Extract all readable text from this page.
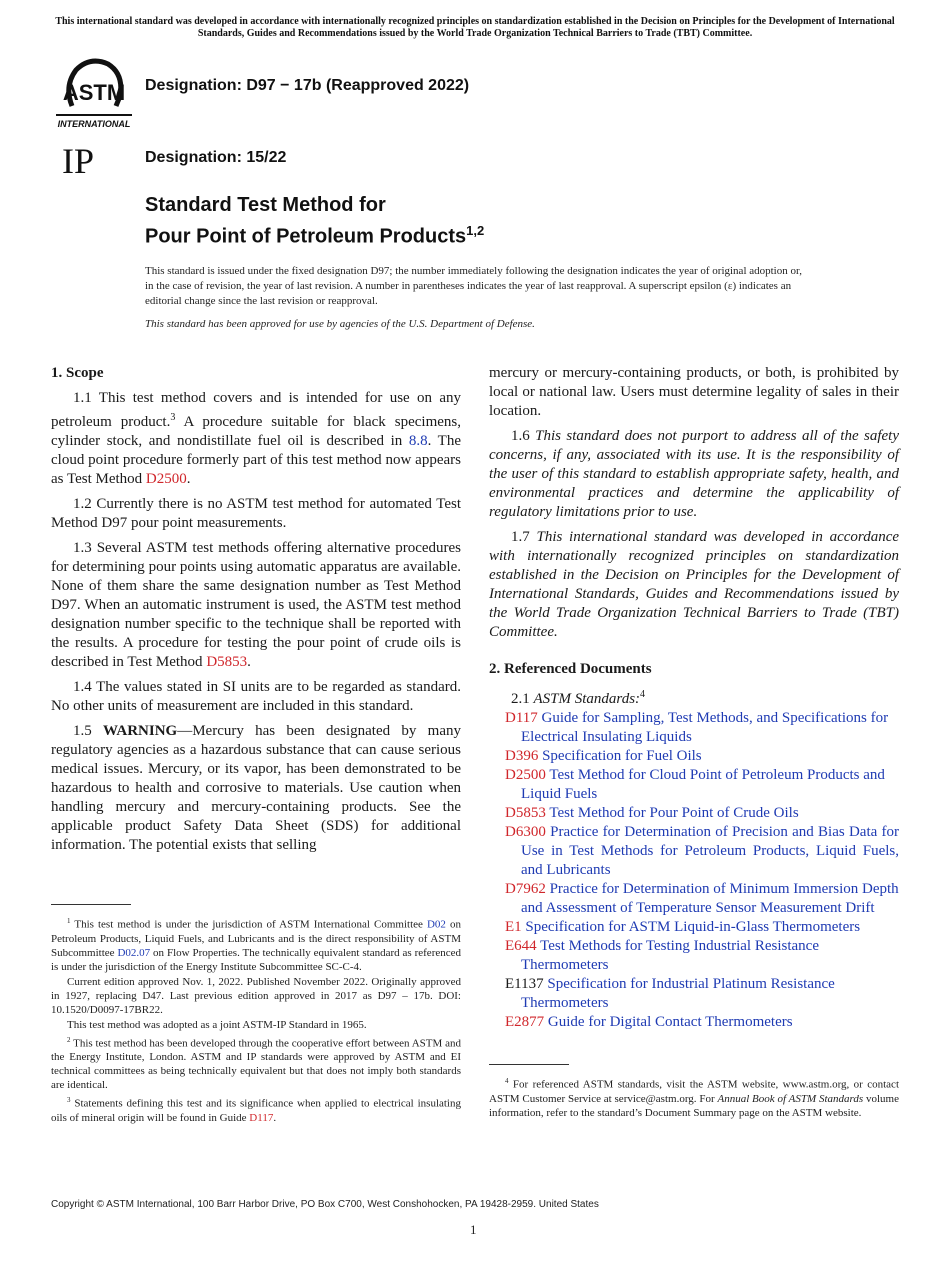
This international standard was developed in accordance with internationally recognized principles on standardization established in the Decision on Principles for the Development of International Standards, Guides and Recommendations issued by the World Trade Organization Technical Barriers to Trade (TBT) Committee.
ASTM
INTERNATIONAL
IP
Designation: D97 − 17b (Reapproved 2022)
Designation: 15/22
Standard Test Method for
Pour Point of Petroleum Products$^{1,2}$
This standard is issued under the fixed designation D97; the number immediately following the designation indicates the year of original adoption or, in the case of revision, the year of last revision. A number in parentheses indicates the year of last reapproval. A superscript epsilon (ε) indicates an editorial change since the last revision or reapproval.
This standard has been approved for use by agencies of the U.S. Department of Defense.
1. Scope

1.1 This test method covers and is intended for use on any petroleum product.$^3$ A procedure suitable for black specimens, cylinder stock, and nondistillate fuel oil is described in 8.8. The cloud point procedure formerly part of this test method now appears as Test Method D2500.

1.2 Currently there is no ASTM test method for automated Test Method D97 pour point measurements.

1.3 Several ASTM test methods offering alternative procedures for determining pour points using automatic apparatus are available. None of them share the same designation number as Test Method D97. When an automatic instrument is used, the ASTM test method designation number specific to the technique shall be reported with the results. A procedure for testing the pour point of crude oils is described in Test Method D5853.

1.4 The values stated in SI units are to be regarded as standard. No other units of measurement are included in this standard.

1.5 WARNING—Mercury has been designated by many regulatory agencies as a hazardous substance that can cause serious medical issues. Mercury, or its vapor, has been demonstrated to be hazardous to health and corrosive to materials. Use caution when handling mercury and mercury-containing products. See the applicable product Safety Data Sheet (SDS) for additional information. The potential exists that selling

$^1$ This test method is under the jurisdiction of ASTM International Committee D02 on Petroleum Products, Liquid Fuels, and Lubricants and is the direct responsibility of ASTM Subcommittee D02.07 on Flow Properties. The technically equivalent standard as referenced is under the jurisdiction of the Energy Institute Subcommittee SC-C-4.

Current edition approved Nov. 1, 2022. Published November 2022. Originally approved in 1927, replacing D47. Last previous edition approved in 2017 as D97 – 17b. DOI: 10.1520/D0097-17BR22.

This test method was adopted as a joint ASTM-IP Standard in 1965.

$^2$ This test method has been developed through the cooperative effort between ASTM and the Energy Institute, London. ASTM and IP standards were approved by ASTM and EI technical committees as being technically equivalent but that does not imply both standards are identical.

$^3$ Statements defining this test and its significance when applied to electrical insulating oils of mineral origin will be found in Guide D117.

mercury or mercury-containing products, or both, is prohibited by local or national law. Users must determine legality of sales in their location.

1.6 This standard does not purport to address all of the safety concerns, if any, associated with its use. It is the responsibility of the user of this standard to establish appropriate safety, health, and environmental practices and determine the applicability of regulatory limitations prior to use.

1.7 This international standard was developed in accordance with internationally recognized principles on standardization established in the Decision on Principles for the Development of International Standards, Guides and Recommendations issued by the World Trade Organization Technical Barriers to Trade (TBT) Committee.

2. Referenced Documents

2.1 ASTM Standards:$^4$

D117 Guide for Sampling, Test Methods, and Specifications for Electrical Insulating Liquids
D396 Specification for Fuel Oils
D2500 Test Method for Cloud Point of Petroleum Products and Liquid Fuels
D5853 Test Method for Pour Point of Crude Oils
D6300 Practice for Determination of Precision and Bias Data for Use in Test Methods for Petroleum Products, Liquid Fuels, and Lubricants
D7962 Practice for Determination of Minimum Immersion Depth and Assessment of Temperature Sensor Measurement Drift
E1 Specification for ASTM Liquid-in-Glass Thermometers
E644 Test Methods for Testing Industrial Resistance Thermometers
E1137 Specification for Industrial Platinum Resistance Thermometers
E2877 Guide for Digital Contact Thermometers

$^4$ For referenced ASTM standards, visit the ASTM website, www.astm.org, or contact ASTM Customer Service at service@astm.org. For Annual Book of ASTM Standards volume information, refer to the standard’s Document Summary page on the ASTM website.

Copyright © ASTM International, 100 Barr Harbor Drive, PO Box C700, West Conshohocken, PA 19428-2959. United States
1
